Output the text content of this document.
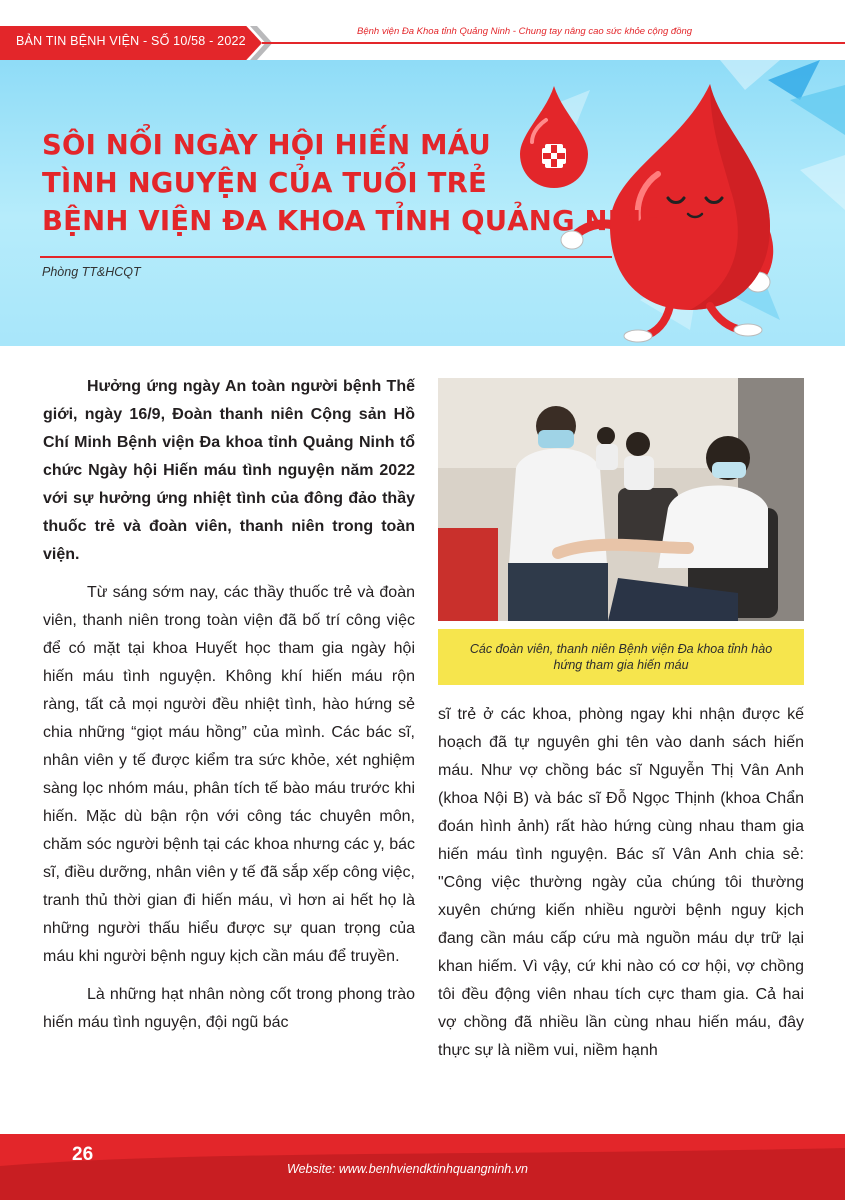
BẢN TIN BỆNH VIỆN - SỐ 10/58 - 2022
Bệnh viện Đa Khoa tỉnh Quảng Ninh - Chung tay nâng cao sức khỏe cộng đồng
SÔI NỔI NGÀY HỘI HIẾN MÁU
TÌNH NGUYỆN CỦA TUỔI TRẺ
BỆNH VIỆN ĐA KHOA TỈNH QUẢNG NINH
Phòng TT&HCQT

Hưởng ứng ngày An toàn người bệnh Thế giới, ngày 16/9, Đoàn thanh niên Cộng sản Hồ Chí Minh Bệnh viện Đa khoa tỉnh Quảng Ninh tổ chức Ngày hội Hiến máu tình nguyện năm 2022 với sự hưởng ứng nhiệt tình của đông đảo thầy thuốc trẻ và đoàn viên, thanh niên trong toàn viện.

Từ sáng sớm nay, các thầy thuốc trẻ và đoàn viên, thanh niên trong toàn viện đã bố trí công việc để có mặt tại khoa Huyết học tham gia ngày hội hiến máu tình nguyện. Không khí hiến máu rộn ràng, tất cả mọi người đều nhiệt tình, hào hứng sẻ chia những “giọt máu hồng” của mình. Các bác sĩ, nhân viên y tế được kiểm tra sức khỏe, xét nghiệm sàng lọc nhóm máu, phân tích tế bào máu trước khi hiến. Mặc dù bận rộn với công tác chuyên môn, chăm sóc người bệnh tại các khoa nhưng các y, bác sĩ, điều dưỡng, nhân viên y tế đã sắp xếp công việc, tranh thủ thời gian đi hiến máu, vì hơn ai hết họ là những người thấu hiểu được sự quan trọng của máu khi người bệnh nguy kịch cần máu để truyền.

Là những hạt nhân nòng cốt trong phong trào hiến máu tình nguyện, đội ngũ bác

Các đoàn viên, thanh niên Bệnh viện Đa khoa tỉnh hào hứng tham gia hiến máu

sĩ trẻ ở các khoa, phòng ngay khi nhận được kế hoạch đã tự nguyên ghi tên vào danh sách hiến máu. Như vợ chồng bác sĩ Nguyễn Thị Vân Anh (khoa Nội B) và bác sĩ Đỗ Ngọc Thịnh (khoa Chẩn đoán hình ảnh) rất hào hứng cùng nhau tham gia hiến máu tình nguyện. Bác sĩ Vân Anh chia sẻ: "Công việc thường ngày của chúng tôi thường xuyên chứng kiến nhiều người bệnh nguy kịch đang cần máu cấp cứu mà nguồn máu dự trữ lại khan hiếm. Vì vậy, cứ khi nào có cơ hội, vợ chồng tôi đều động viên nhau tích cực tham gia. Cả hai vợ chồng đã nhiều lần cùng nhau hiến máu, đây thực sự là niềm vui, niềm hạnh

26
Website: www.benhviendktinhquangninh.vn
